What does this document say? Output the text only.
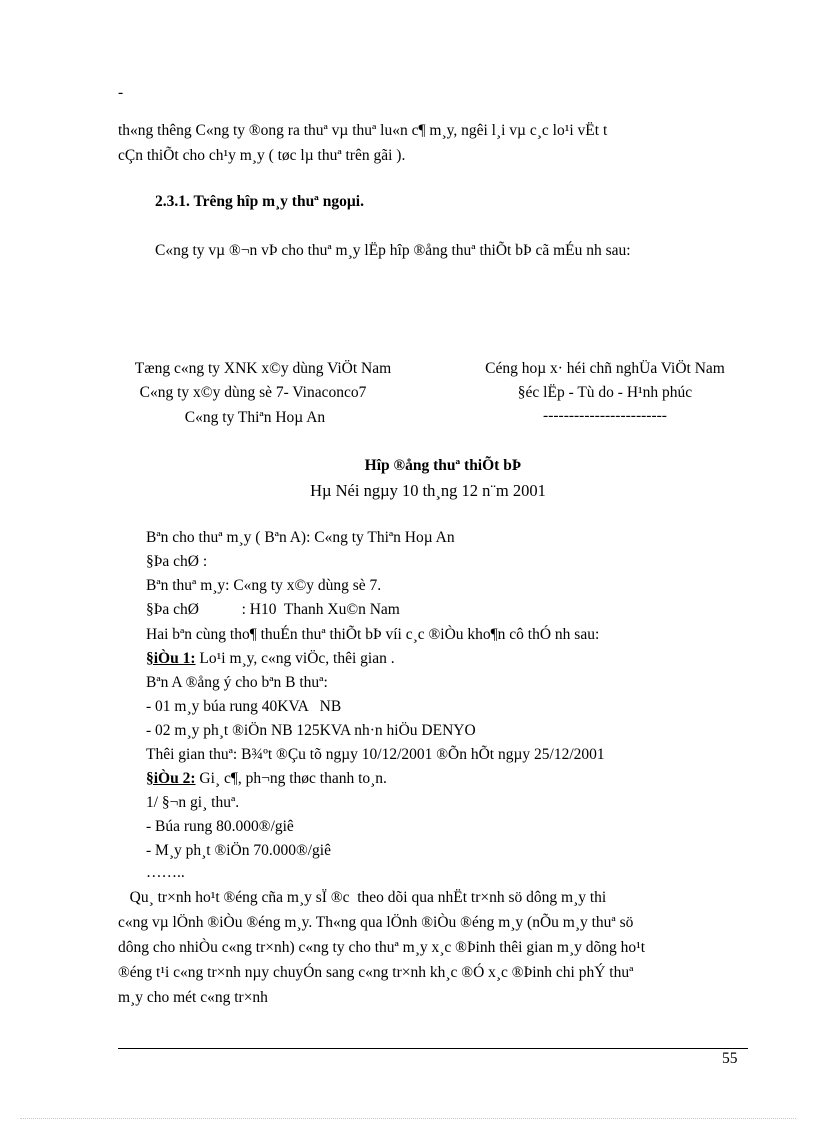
-
th«ng thêng C«ng ty ®ong ra thuª vµ thuª lu«n c¶ m¸y, ngêi l¸i vµ c¸c lo¹i vËt t
cÇn thiÕt cho ch¹y m¸y ( tøc lµ thuª trên gãi ).
2.3.1. Trêng hîp m¸y thuª ngoµi.
C«ng ty vµ ®¬n vÞ cho thuª m¸y lËp hîp ®ång thuª thiÕt bÞ cã mÉu nh sau:
Tæng c«ng ty XNK x©y dùng ViÖt Nam
C«ng ty x©y dùng sè 7- Vinaconco7
C«ng ty Thiªn Hoµ An
Céng hoµ x· héi chñ nghÜa ViÖt Nam
§éc lËp - Tù do - H¹nh phúc
------------------------
Hîp ®ång thuª thiÕt bÞ
Hµ Néi ngµy 10 th¸ng 12 n¨m 2001
Bªn cho thuª m¸y ( Bªn A): C«ng ty Thiªn Hoµ An
§Þa chØ :
Bªn thuª m¸y: C«ng ty x©y dùng sè 7.
§Þa chØ           : H10  Thanh Xu©n Nam
Hai bªn cùng tho¶ thuÉn thuª thiÕt bÞ víi c¸c ®iÒu kho¶n cô thÓ nh sau:
§iÒu 1: Lo¹i m¸y, c«ng viÖc, thêi gian .
Bªn A ®ång ý cho bªn B thuª:
- 01 m¸y búa rung 40KVA   NB
- 02 m¸y ph¸t ®iÖn NB 125KVA nh·n hiÖu DENYO
Thêi gian thuª: B¾ºt ®Çu tõ ngµy 10/12/2001 ®Õn hÕt ngµy 25/12/2001
§iÒu 2: Gi¸ c¶, ph¬ng thøc thanh to¸n.
1/ §¬n gi¸ thuª.
- Búa rung 80.000®/giê
- M¸y ph¸t ®iÖn 70.000®/giê
……..
Qu¸ tr×nh ho¹t ®éng cña m¸y sÏ ®c  theo dõi qua nhËt tr×nh sö dông m¸y thi
c«ng vµ lÖnh ®iÒu ®éng m¸y. Th«ng qua lÖnh ®iÒu ®éng m¸y (nÕu m¸y thuª sö
dông cho nhiÒu c«ng tr×nh) c«ng ty cho thuª m¸y x¸c ®Þinh thêi gian m¸y dõng ho¹t
®éng t¹i c«ng tr×nh nµy chuyÓn sang c«ng tr×nh kh¸c ®Ó x¸c ®Þinh chi phÝ thuª
m¸y cho mét c«ng tr×nh
55
